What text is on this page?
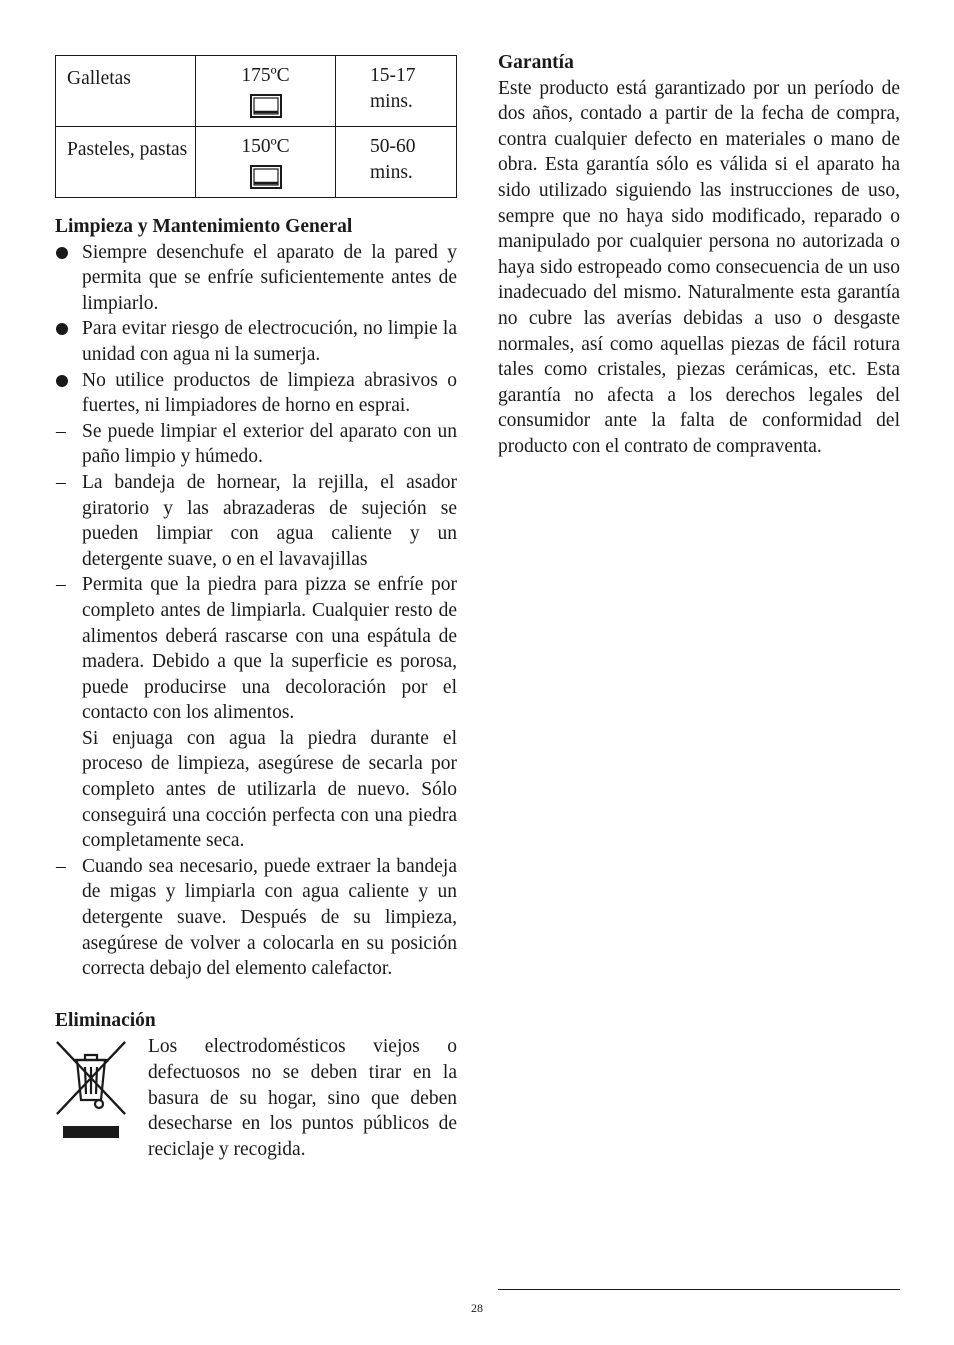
Galletas	175ºC	15-17 mins.
Pasteles, pastas	150ºC	50-60 mins.
Limpieza y Mantenimiento General
Siempre desenchufe el aparato de la pared y permita que se enfríe suficientemente antes de limpiarlo.
Para evitar riesgo de electrocución, no limpie la unidad con agua ni la sumerja.
No utilice productos de limpieza abrasivos o fuertes, ni limpiadores de horno en esprai.
– Se puede limpiar el exterior del aparato con un paño limpio y húmedo.
– La bandeja de hornear, la rejilla, el asador giratorio y las abrazaderas de sujeción se pueden limpiar con agua caliente y un detergente suave, o en el lavavajillas
– Permita que la piedra para pizza se enfríe por completo antes de limpiarla. Cualquier resto de alimentos deberá rascarse con una espátula de madera. Debido a que la superficie es porosa, puede producirse una decoloración por el contacto con los alimentos.
Si enjuaga con agua la piedra durante el proceso de limpieza, asegúrese de secarla por completo antes de utilizarla de nuevo. Sólo conseguirá una cocción perfecta con una piedra completamente seca.
– Cuando sea necesario, puede extraer la bandeja de migas y limpiarla con agua caliente y un detergente suave. Después de su limpieza, asegúrese de volver a colocarla en su posición correcta debajo del elemento calefactor.
Eliminación

Los electrodomésticos viejos o defectuosos no se deben tirar en la basura de su hogar, sino que deben desecharse en los puntos públicos de reciclaje y recogida.

Garantía

Este producto está garantizado por un período de dos años, contado a partir de la fecha de compra, contra cualquier defecto en materiales o mano de obra. Esta garantía sólo es válida si el aparato ha sido utilizado siguiendo las instrucciones de uso, sempre que no haya sido modificado, reparado o manipulado por cualquier persona no autorizada o haya sido estropeado como consecuencia de un uso inadecuado del mismo. Naturalmente esta garantía no cubre las averías debidas a uso o desgaste normales, así como aquellas piezas de fácil rotura tales como cristales, piezas cerámicas, etc. Esta garantía no afecta a los derechos legales del consumidor ante la falta de conformidad del producto con el contrato de compraventa.

28
